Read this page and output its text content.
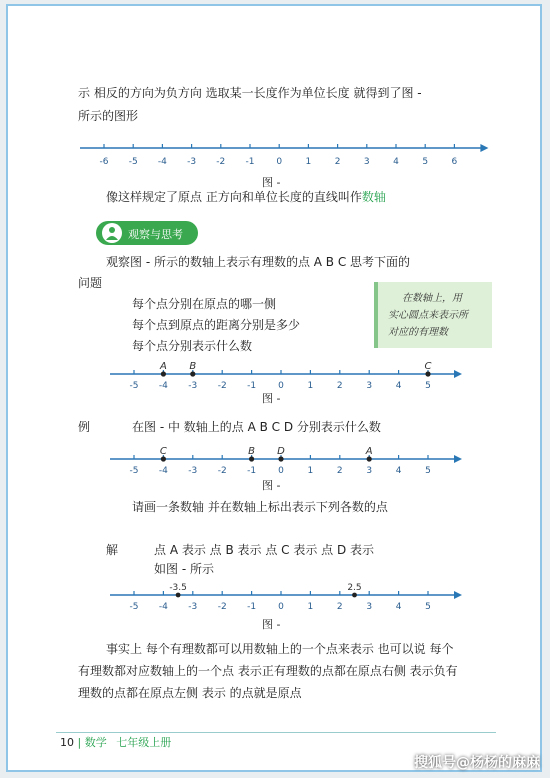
示 相反的方向为负方向 选取某一长度作为单位长度 就得到了图 -
所示的图形
-6 -5 -4 -3 -2 -1 0	1	2	3	4	5	6
图 -
像这样规定了原点 正方向和单位长度的直线叫作数轴
观察与思考
观察图 - 所示的数轴上表示有理数的点 A B C 思考下面的
问题
每个点分别在原点的哪一侧
每个点到原点的距离分别是多少
每个点分别表示什么数
在数轴上，用
实心圆点来表示所
对应的有理数
-5 -4 -3 -2 -1 0	1	2	3	4	5
A B	C
图 -
例	在图 - 中 数轴上的点 A B C D 分别表示什么数
-5 -4 -3 -2 -1 0	1	2	3	4	5
C	B D	A
图 -
请画一条数轴 并在数轴上标出表示下列各数的点
解	点 A 表示 点 B 表示 点 C 表示 点 D 表示
如图 - 所示
-5 -4 -3 -2 -1 0	1	2	3	4	5
-3.5	2.5
图 -
事实上 每个有理数都可以用数轴上的一个点来表示 也可以说 每个
有理数都对应数轴上的一个点 表示正有理数的点都在原点右侧 表示负有
理数的点都在原点左侧 表示 的点就是原点
10 | 数学 七年级上册
搜狐号@杨杨的麻麻
